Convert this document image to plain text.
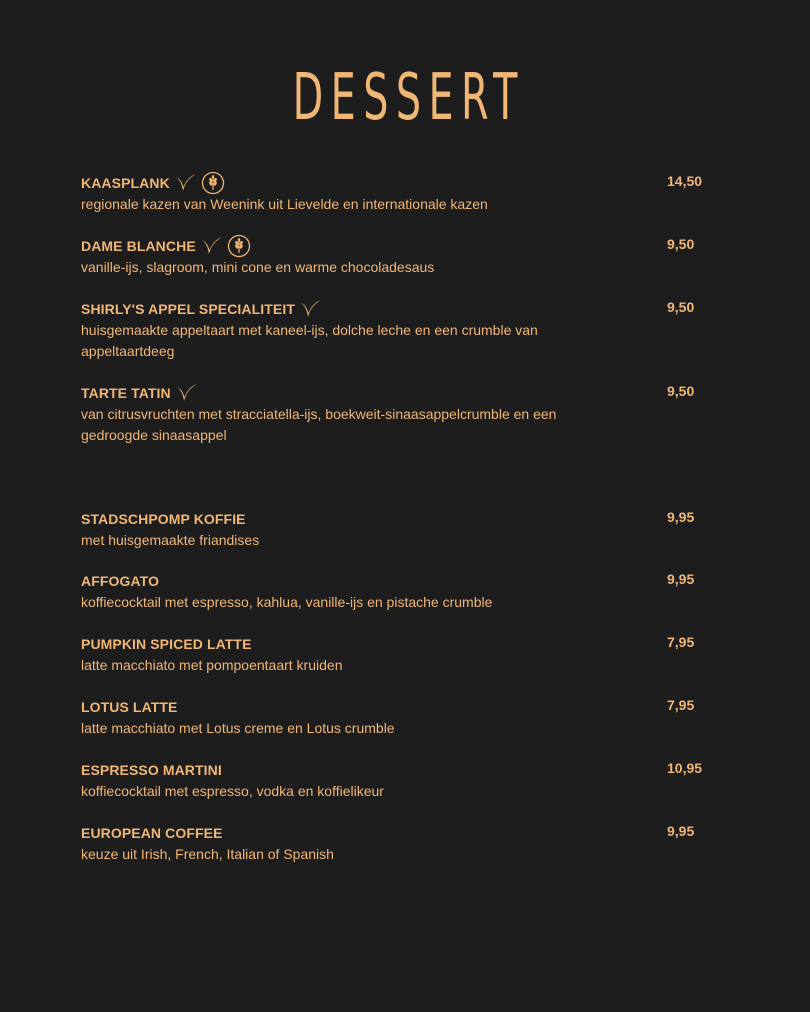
DESSERT
KAASPLANK	14,50
regionale kazen van Weenink uit Lievelde en internationale kazen
DAME BLANCHE	9,50
vanille-ijs, slagroom, mini cone en warme chocoladesaus
SHIRLY'S APPEL SPECIALITEIT	9,50
huisgemaakte appeltaart met kaneel-ijs, dolche leche en een crumble van appeltaartdeeg
TARTE TATIN	9,50
van citrusvruchten met stracciatella-ijs, boekweit-sinaasappelcrumble en een gedroogde sinaasappel
STADSCHPOMP KOFFIE	9,95
met huisgemaakte friandises
AFFOGATO	9,95
koffiecocktail met espresso, kahlua, vanille-ijs en pistache crumble
PUMPKIN SPICED LATTE	7,95
latte macchiato met pompoentaart kruiden
LOTUS LATTE	7,95
latte macchiato met Lotus creme en Lotus crumble
ESPRESSO MARTINI	10,95
koffiecocktail met espresso, vodka en koffielikeur
EUROPEAN COFFEE	9,95
keuze uit Irish, French, Italian of Spanish
